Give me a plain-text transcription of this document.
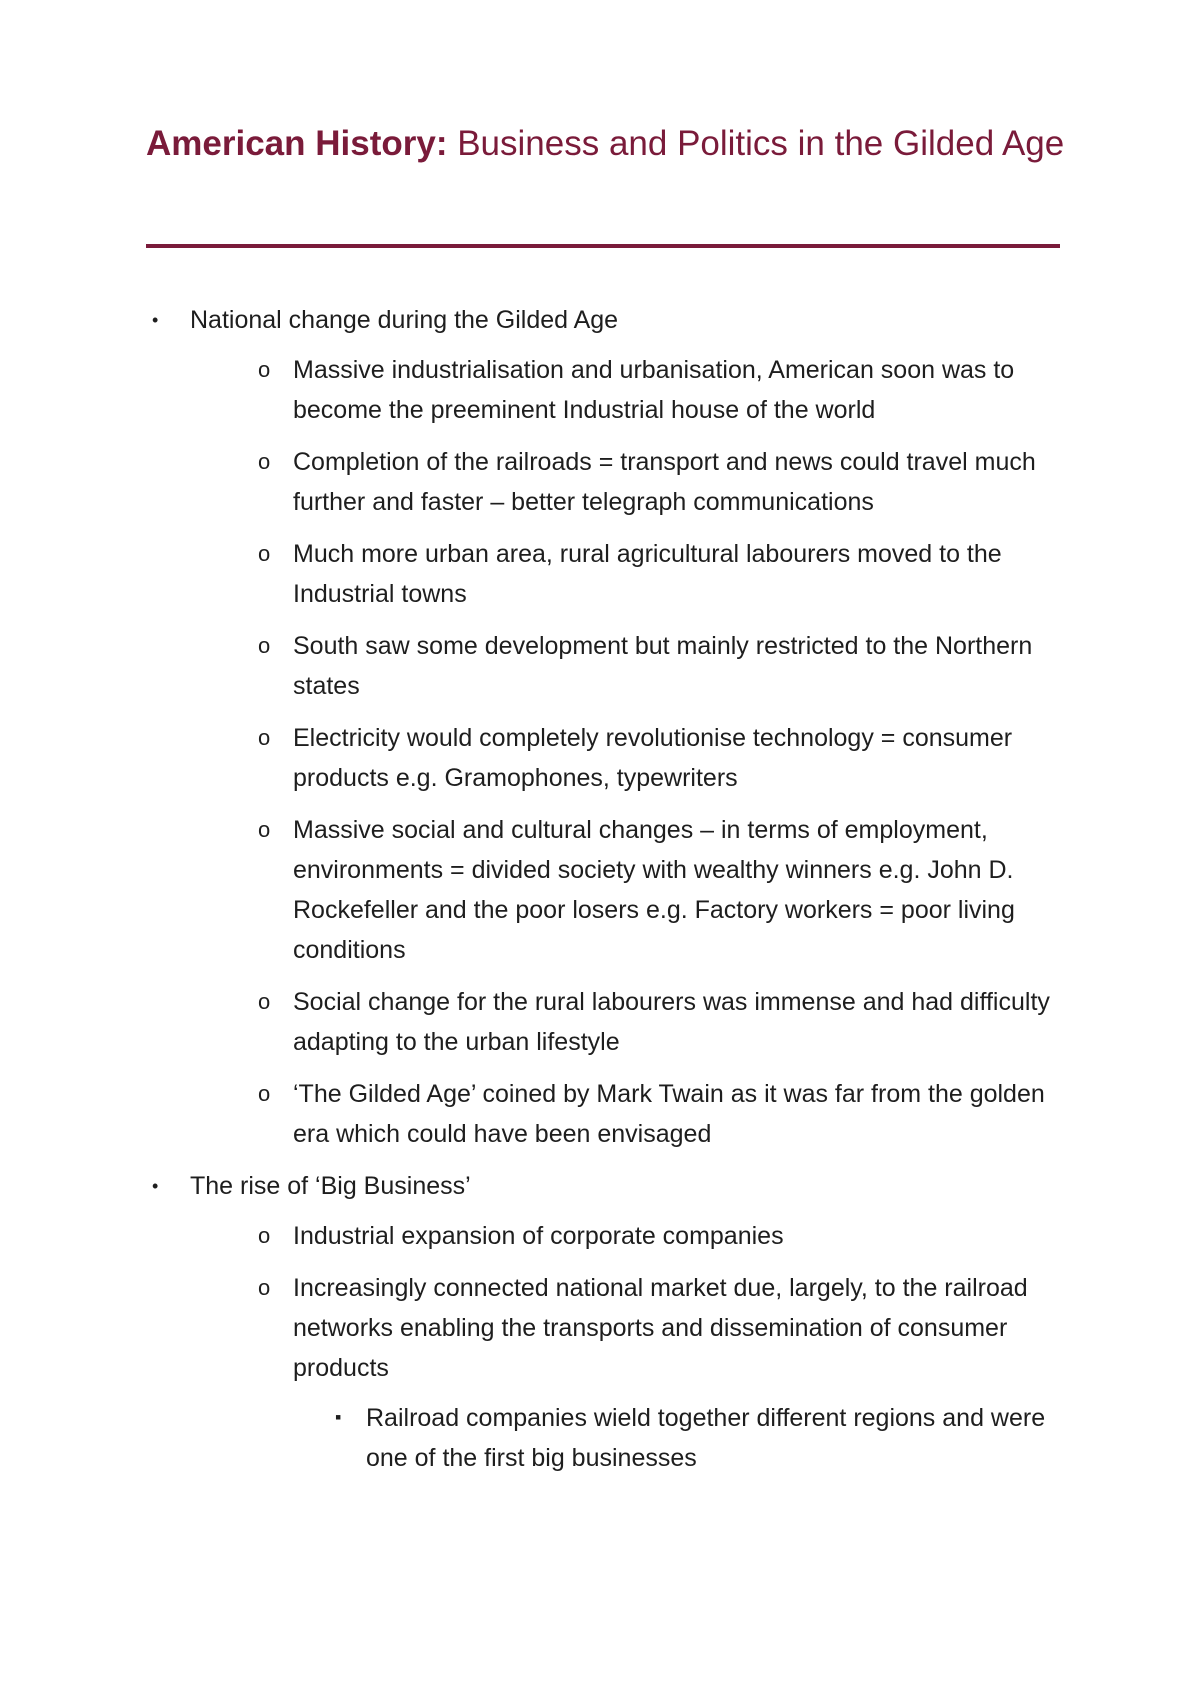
American History: Business and Politics in the Gilded Age
• National change during the Gilded Age
o Massive industrialisation and urbanisation, American soon was to become the preeminent Industrial house of the world
o Completion of the railroads = transport and news could travel much further and faster – better telegraph communications
o Much more urban area, rural agricultural labourers moved to the Industrial towns
o South saw some development but mainly restricted to the Northern states
o Electricity would completely revolutionise technology = consumer products e.g. Gramophones, typewriters
o Massive social and cultural changes – in terms of employment, environments = divided society with wealthy winners e.g. John D. Rockefeller and the poor losers e.g. Factory workers = poor living conditions
o Social change for the rural labourers was immense and had difficulty adapting to the urban lifestyle
o ‘The Gilded Age’ coined by Mark Twain as it was far from the golden era which could have been envisaged
• The rise of ‘Big Business’
o Industrial expansion of corporate companies
o Increasingly connected national market due, largely, to the railroad networks enabling the transports and dissemination of consumer products
▪ Railroad companies wield together different regions and were one of the first big businesses
